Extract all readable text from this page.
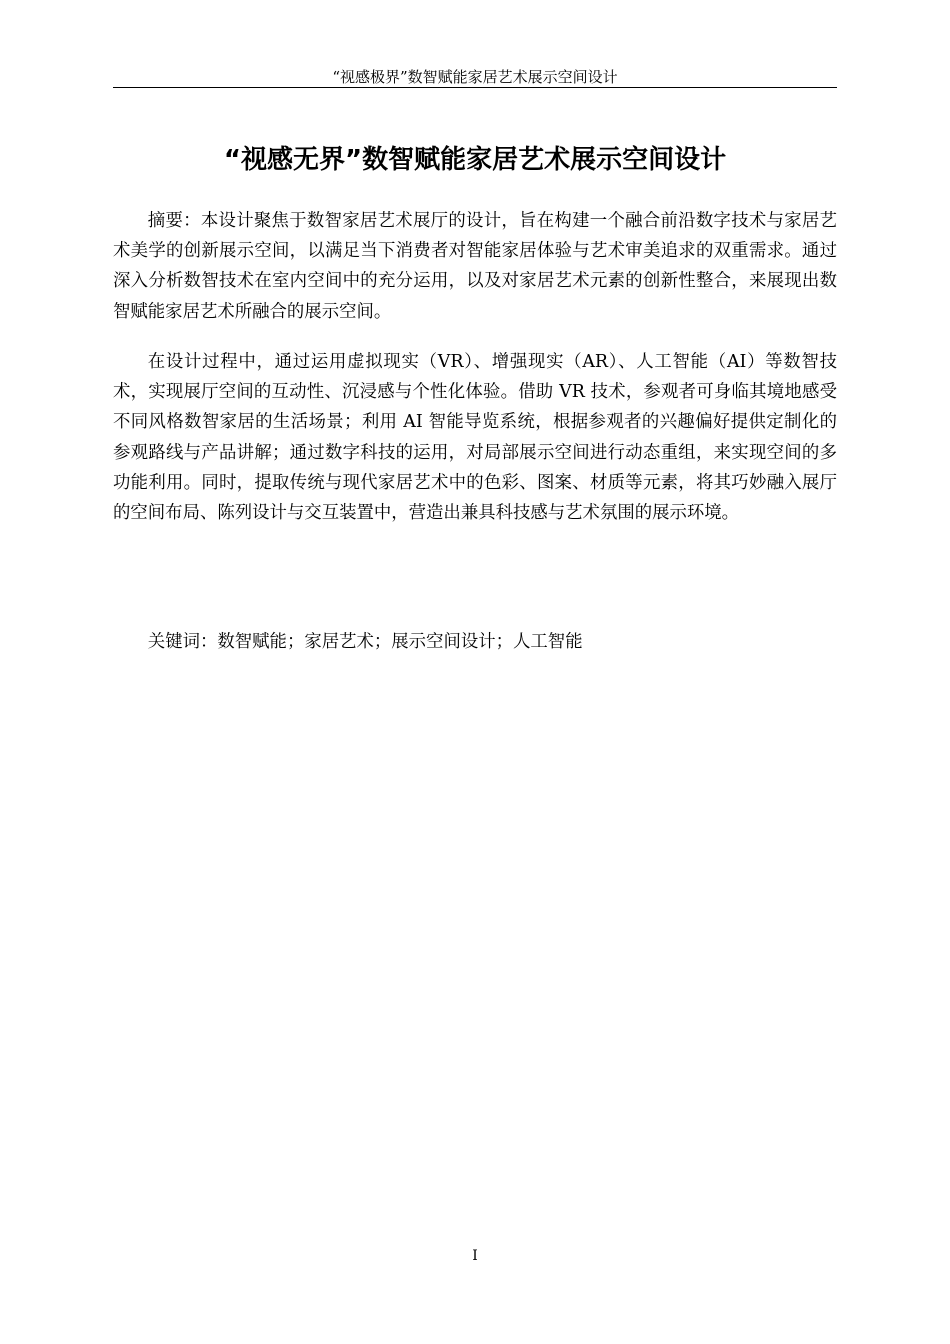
“视感极界”数智赋能家居艺术展示空间设计
“视感无界”数智赋能家居艺术展示空间设计

摘要：本设计聚焦于数智家居艺术展厅的设计，旨在构建一个融合前沿数字技术与家居艺术美学的创新展示空间，以满足当下消费者对智能家居体验与艺术审美追求的双重需求。通过深入分析数智技术在室内空间中的充分运用，以及对家居艺术元素的创新性整合，来展现出数智赋能家居艺术所融合的展示空间。

在设计过程中，通过运用虚拟现实（VR）、增强现实（AR）、人工智能（AI）等数智技术，实现展厅空间的互动性、沉浸感与个性化体验。借助 VR 技术，参观者可身临其境地感受不同风格数智家居的生活场景；利用 AI 智能导览系统，根据参观者的兴趣偏好提供定制化的参观路线与产品讲解；通过数字科技的运用，对局部展示空间进行动态重组，来实现空间的多功能利用。同时，提取传统与现代家居艺术中的色彩、图案、材质等元素，将其巧妙融入展厅的空间布局、陈列设计与交互装置中，营造出兼具科技感与艺术氛围的展示环境。

关键词：数智赋能；家居艺术；展示空间设计；人工智能
I
